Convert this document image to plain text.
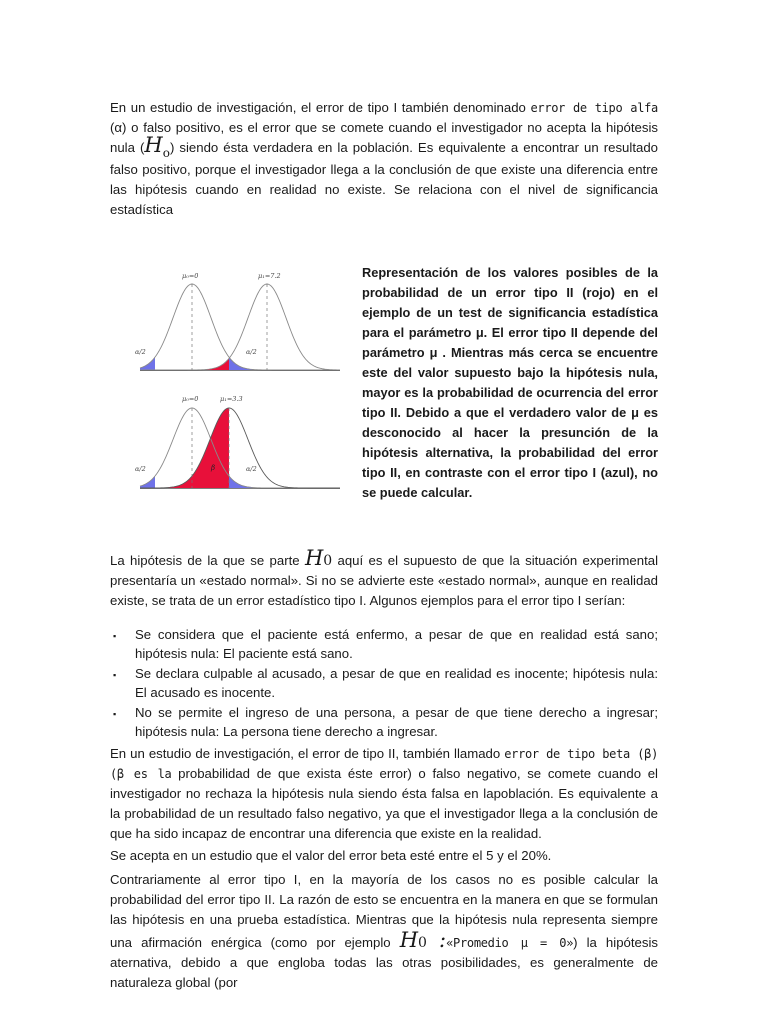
En un estudio de investigación, el error de tipo I también denominado error de tipo alfa (α) o falso positivo, es el error que se comete cuando el investigador no acepta la hipótesis nula $(H_o)$ siendo ésta verdadera en la población. Es equivalente a encontrar un resultado falso positivo, porque el investigador llega a la conclusión de que existe una diferencia entre las hipótesis cuando en realidad no existe. Se relaciona con el nivel de significancia estadística

μ₀=0	μ₁=7.2
α/2	α/2
μ₀=0	μ₁=3.3
α/2	α/2
β

Representación de los valores posibles de la probabilidad de un error tipo II (rojo) en el ejemplo de un test de significancia estadística para el parámetro μ. El error tipo II depende del parámetro μ . Mientras más cerca se encuentre este del valor supuesto bajo la hipótesis nula, mayor es la probabilidad de ocurrencia del error tipo II. Debido a que el verdadero valor de μ es desconocido al hacer la presunción de la hipótesis alternativa, la probabilidad del error tipo II, en contraste con el error tipo I (azul), no se puede calcular.

La hipótesis de la que se parte H0 aquí es el supuesto de que la situación experimental presentaría un «estado normal». Si no se advierte este «estado normal», aunque en realidad existe, se trata de un error estadístico tipo I. Algunos ejemplos para el error tipo I serían:

▪ Se considera que el paciente está enfermo, a pesar de que en realidad está sano; hipótesis nula: El paciente está sano.
▪ Se declara culpable al acusado, a pesar de que en realidad es inocente; hipótesis nula: El acusado es inocente.
▪ No se permite el ingreso de una persona, a pesar de que tiene derecho a ingresar; hipótesis nula: La persona tiene derecho a ingresar.

En un estudio de investigación, el error de tipo II, también llamado error de tipo beta (β) (β es la probabilidad de que exista éste error) o falso negativo, se comete cuando el investigador no rechaza la hipótesis nula siendo ésta falsa en lapoblación. Es equivalente a la probabilidad de un resultado falso negativo, ya que el investigador llega a la conclusión de que ha sido incapaz de encontrar una diferencia que existe en la realidad.

Se acepta en un estudio que el valor del error beta esté entre el 5 y el 20%.

Contrariamente al error tipo I, en la mayoría de los casos no es posible calcular la probabilidad del error tipo II. La razón de esto se encuentra en la manera en que se formulan las hipótesis en una prueba estadística. Mientras que la hipótesis nula representa siempre una afirmación enérgica (como por ejemplo H0 :«Promedio μ = 0») la hipótesis aternativa, debido a que engloba todas las otras posibilidades, es generalmente de naturaleza global (por
